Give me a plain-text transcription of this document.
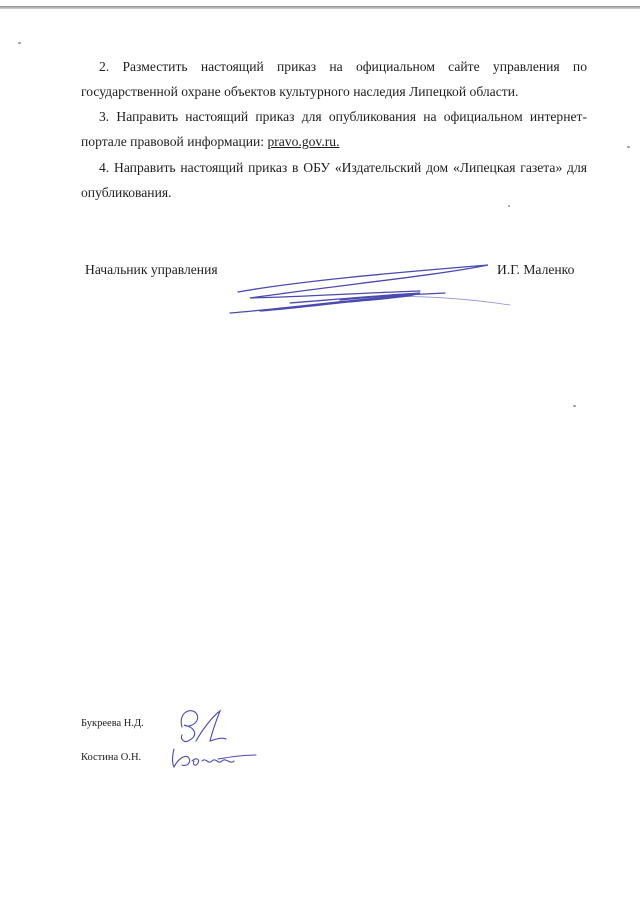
2. Разместить настоящий приказ на официальном сайте управления по государственной охране объектов культурного наследия Липецкой области.

3. Направить настоящий приказ для опубликования на официальном интернет-портале правовой информации: pravo.gov.ru.

4. Направить настоящий приказ в ОБУ «Издательский дом «Липецкая газета» для опубликования.

Начальник управления	И.Г. Маленко
Букреева Н.Д.
Костина О.Н.
